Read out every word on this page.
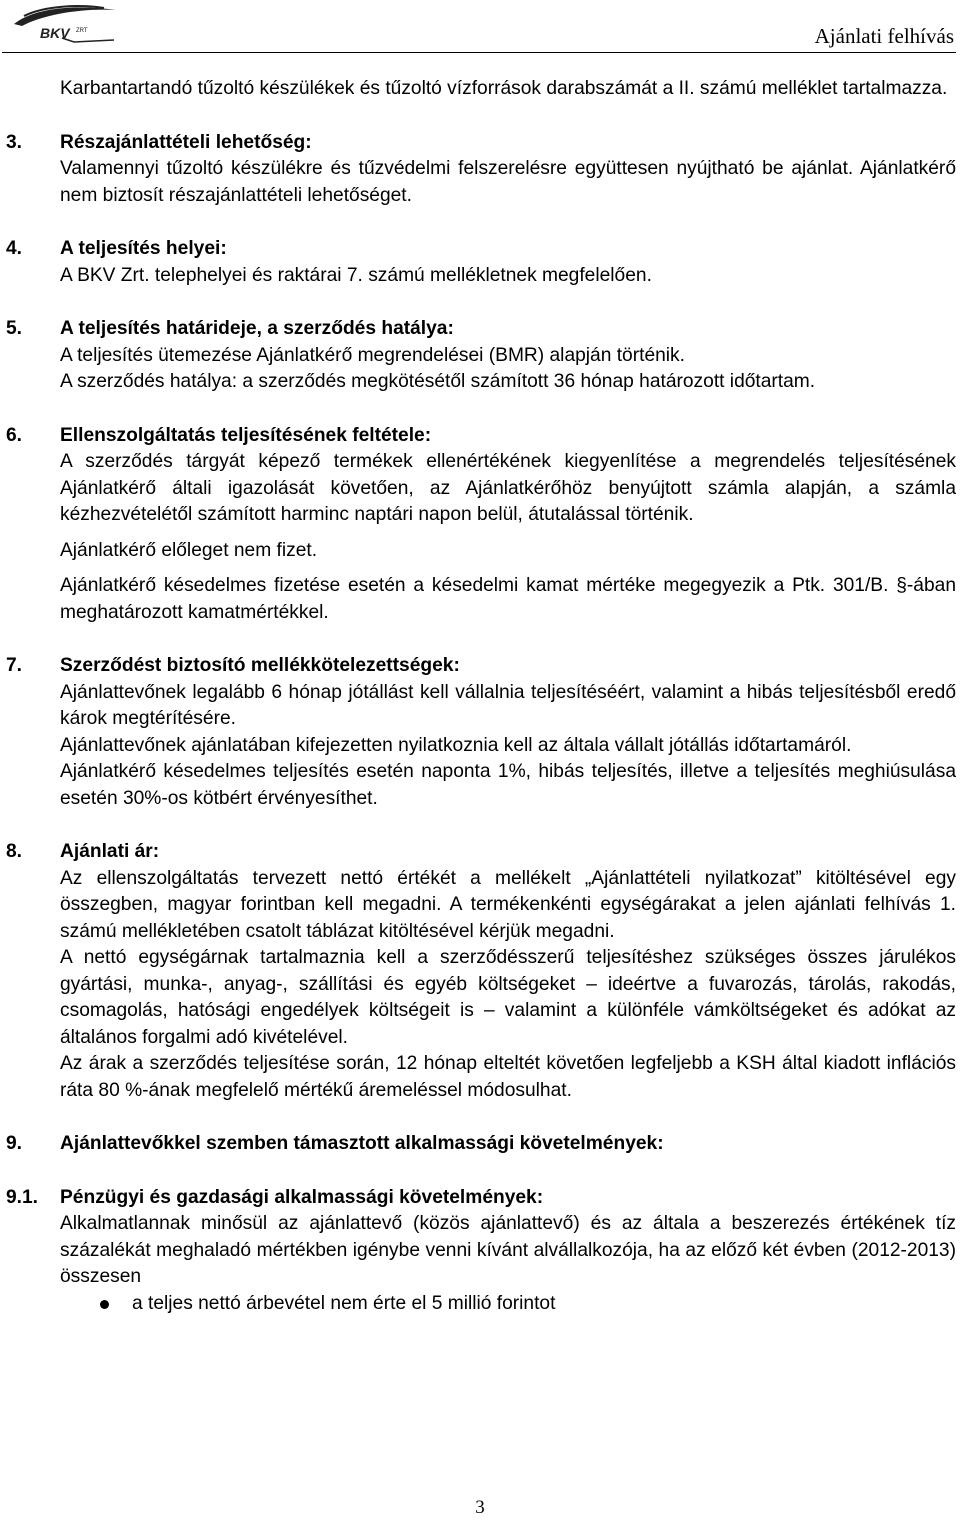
BKV ZRT	Ajánlati felhívás

Karbantartandó tűzoltó készülékek és tűzoltó vízforrások darabszámát a II. számú melléklet tartalmazza.

3. Részajánlattételi lehetőség:

Valamennyi tűzoltó készülékre és tűzvédelmi felszerelésre együttesen nyújtható be ajánlat. Ajánlatkérő nem biztosít részajánlattételi lehetőséget.

4. A teljesítés helyei:

A BKV Zrt. telephelyei és raktárai 7. számú mellékletnek megfelelően.

5. A teljesítés határideje, a szerződés hatálya:

A teljesítés ütemezése Ajánlatkérő megrendelései (BMR) alapján történik.

A szerződés hatálya: a szerződés megkötésétől számított 36 hónap határozott időtartam.

6. Ellenszolgáltatás teljesítésének feltétele:

A szerződés tárgyát képező termékek ellenértékének kiegyenlítése a megrendelés teljesítésének Ajánlatkérő általi igazolását követően, az Ajánlatkérőhöz benyújtott számla alapján, a számla kézhezvételétől számított harminc naptári napon belül, átutalással történik.

Ajánlatkérő előleget nem fizet.

Ajánlatkérő késedelmes fizetése esetén a késedelmi kamat mértéke megegyezik a Ptk. 301/B. §-ában meghatározott kamatmértékkel.

7. Szerződést biztosító mellékkötelezettségek:

Ajánlattevőnek legalább 6 hónap jótállást kell vállalnia teljesítéséért, valamint a hibás teljesítésből eredő károk megtérítésére.

Ajánlattevőnek ajánlatában kifejezetten nyilatkoznia kell az általa vállalt jótállás időtartamáról.

Ajánlatkérő késedelmes teljesítés esetén naponta 1%, hibás teljesítés, illetve a teljesítés meghiúsulása esetén 30%-os kötbért érvényesíthet.

8. Ajánlati ár:

Az ellenszolgáltatás tervezett nettó értékét a mellékelt „Ajánlattételi nyilatkozat” kitöltésével egy összegben, magyar forintban kell megadni. A termékenkénti egységárakat a jelen ajánlati felhívás 1. számú mellékletében csatolt táblázat kitöltésével kérjük megadni.

A nettó egységárnak tartalmaznia kell a szerződésszerű teljesítéshez szükséges összes járulékos gyártási, munka-, anyag-, szállítási és egyéb költségeket – ideértve a fuvarozás, tárolás, rakodás, csomagolás, hatósági engedélyek költségeit is – valamint a különféle vámköltségeket és adókat az általános forgalmi adó kivételével.

Az árak a szerződés teljesítése során, 12 hónap elteltét követően legfeljebb a KSH által kiadott inflációs ráta 80 %-ának megfelelő mértékű áremeléssel módosulhat.

9. Ajánlattevőkkel szemben támasztott alkalmassági követelmények:

9.1. Pénzügyi és gazdasági alkalmassági követelmények:

Alkalmatlannak minősül az ajánlattevő (közös ajánlattevő) és az általa a beszerezés értékének tíz százalékát meghaladó mértékben igénybe venni kívánt alvállalkozója, ha az előző két évben (2012-2013) összesen

a teljes nettó árbevétel nem érte el 5 millió forintot
3
